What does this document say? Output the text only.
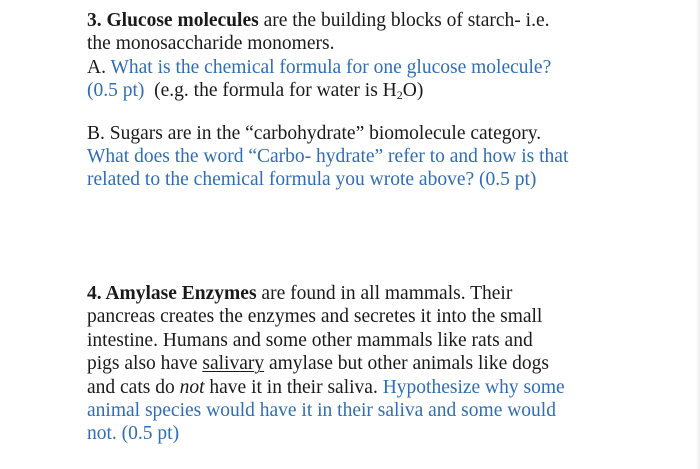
3. Glucose molecules are the building blocks of starch- i.e.
the monosaccharide monomers.
A. What is the chemical formula for one glucose molecule?
(0.5 pt) (e.g. the formula for water is $H_2O$)
B. Sugars are in the “carbohydrate” biomolecule category.
What does the word “Carbo- hydrate” refer to and how is that
related to the chemical formula you wrote above? (0.5 pt)
4. Amylase Enzymes are found in all mammals. Their
pancreas creates the enzymes and secretes it into the small
intestine. Humans and some other mammals like rats and
pigs also have salivary amylase but other animals like dogs
and cats do not have it in their saliva. Hypothesize why some
animal species would have it in their saliva and some would
not. (0.5 pt)
